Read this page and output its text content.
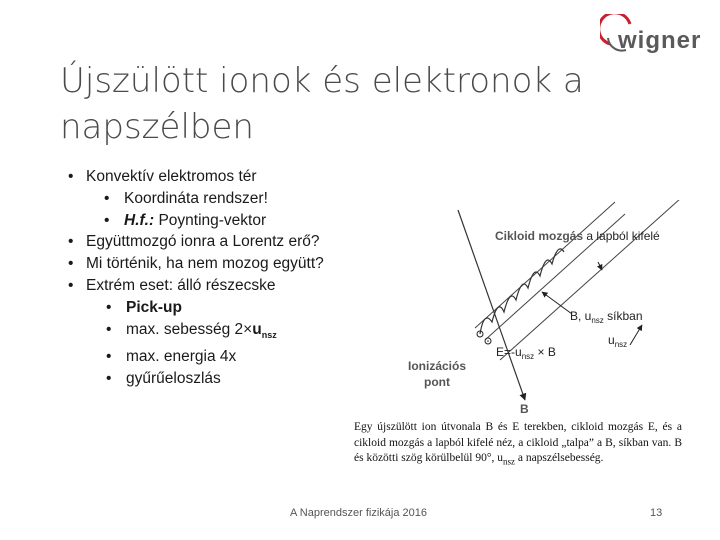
wigner
Újszülött ionok és elektronok a napszélben
• Konvektív elektromos tér
• Koordináta rendszer!
• H.f.: Poynting-vektor
• Együttmozgó ionra a Lorentz erő?
• Mi történik, ha nem mozog együtt?
• Extrém eset: álló részecske
• Pick-up
• max. sebesség $2\times u_{nsz}$
• max. energia 4x
• gyűrűeloszlás
Cikloid mozgás a lapból kifelé
B, $u_{nsz}$ síkban
$u_{nsz}$
$E=-u_{nsz} \times B$
Ionizációs
pont
B
Egy újszülött ion útvonala B és E terekben, cikloid mozgás E, és a cikloid mozgás a lapból kifelé néz, a cikloid „talpa” a B, síkban van. B és közötti szög körülbelül 90°, $u_{nsz}$ a napszélsebesség.
A Naprendszer fizikája 2016	13
